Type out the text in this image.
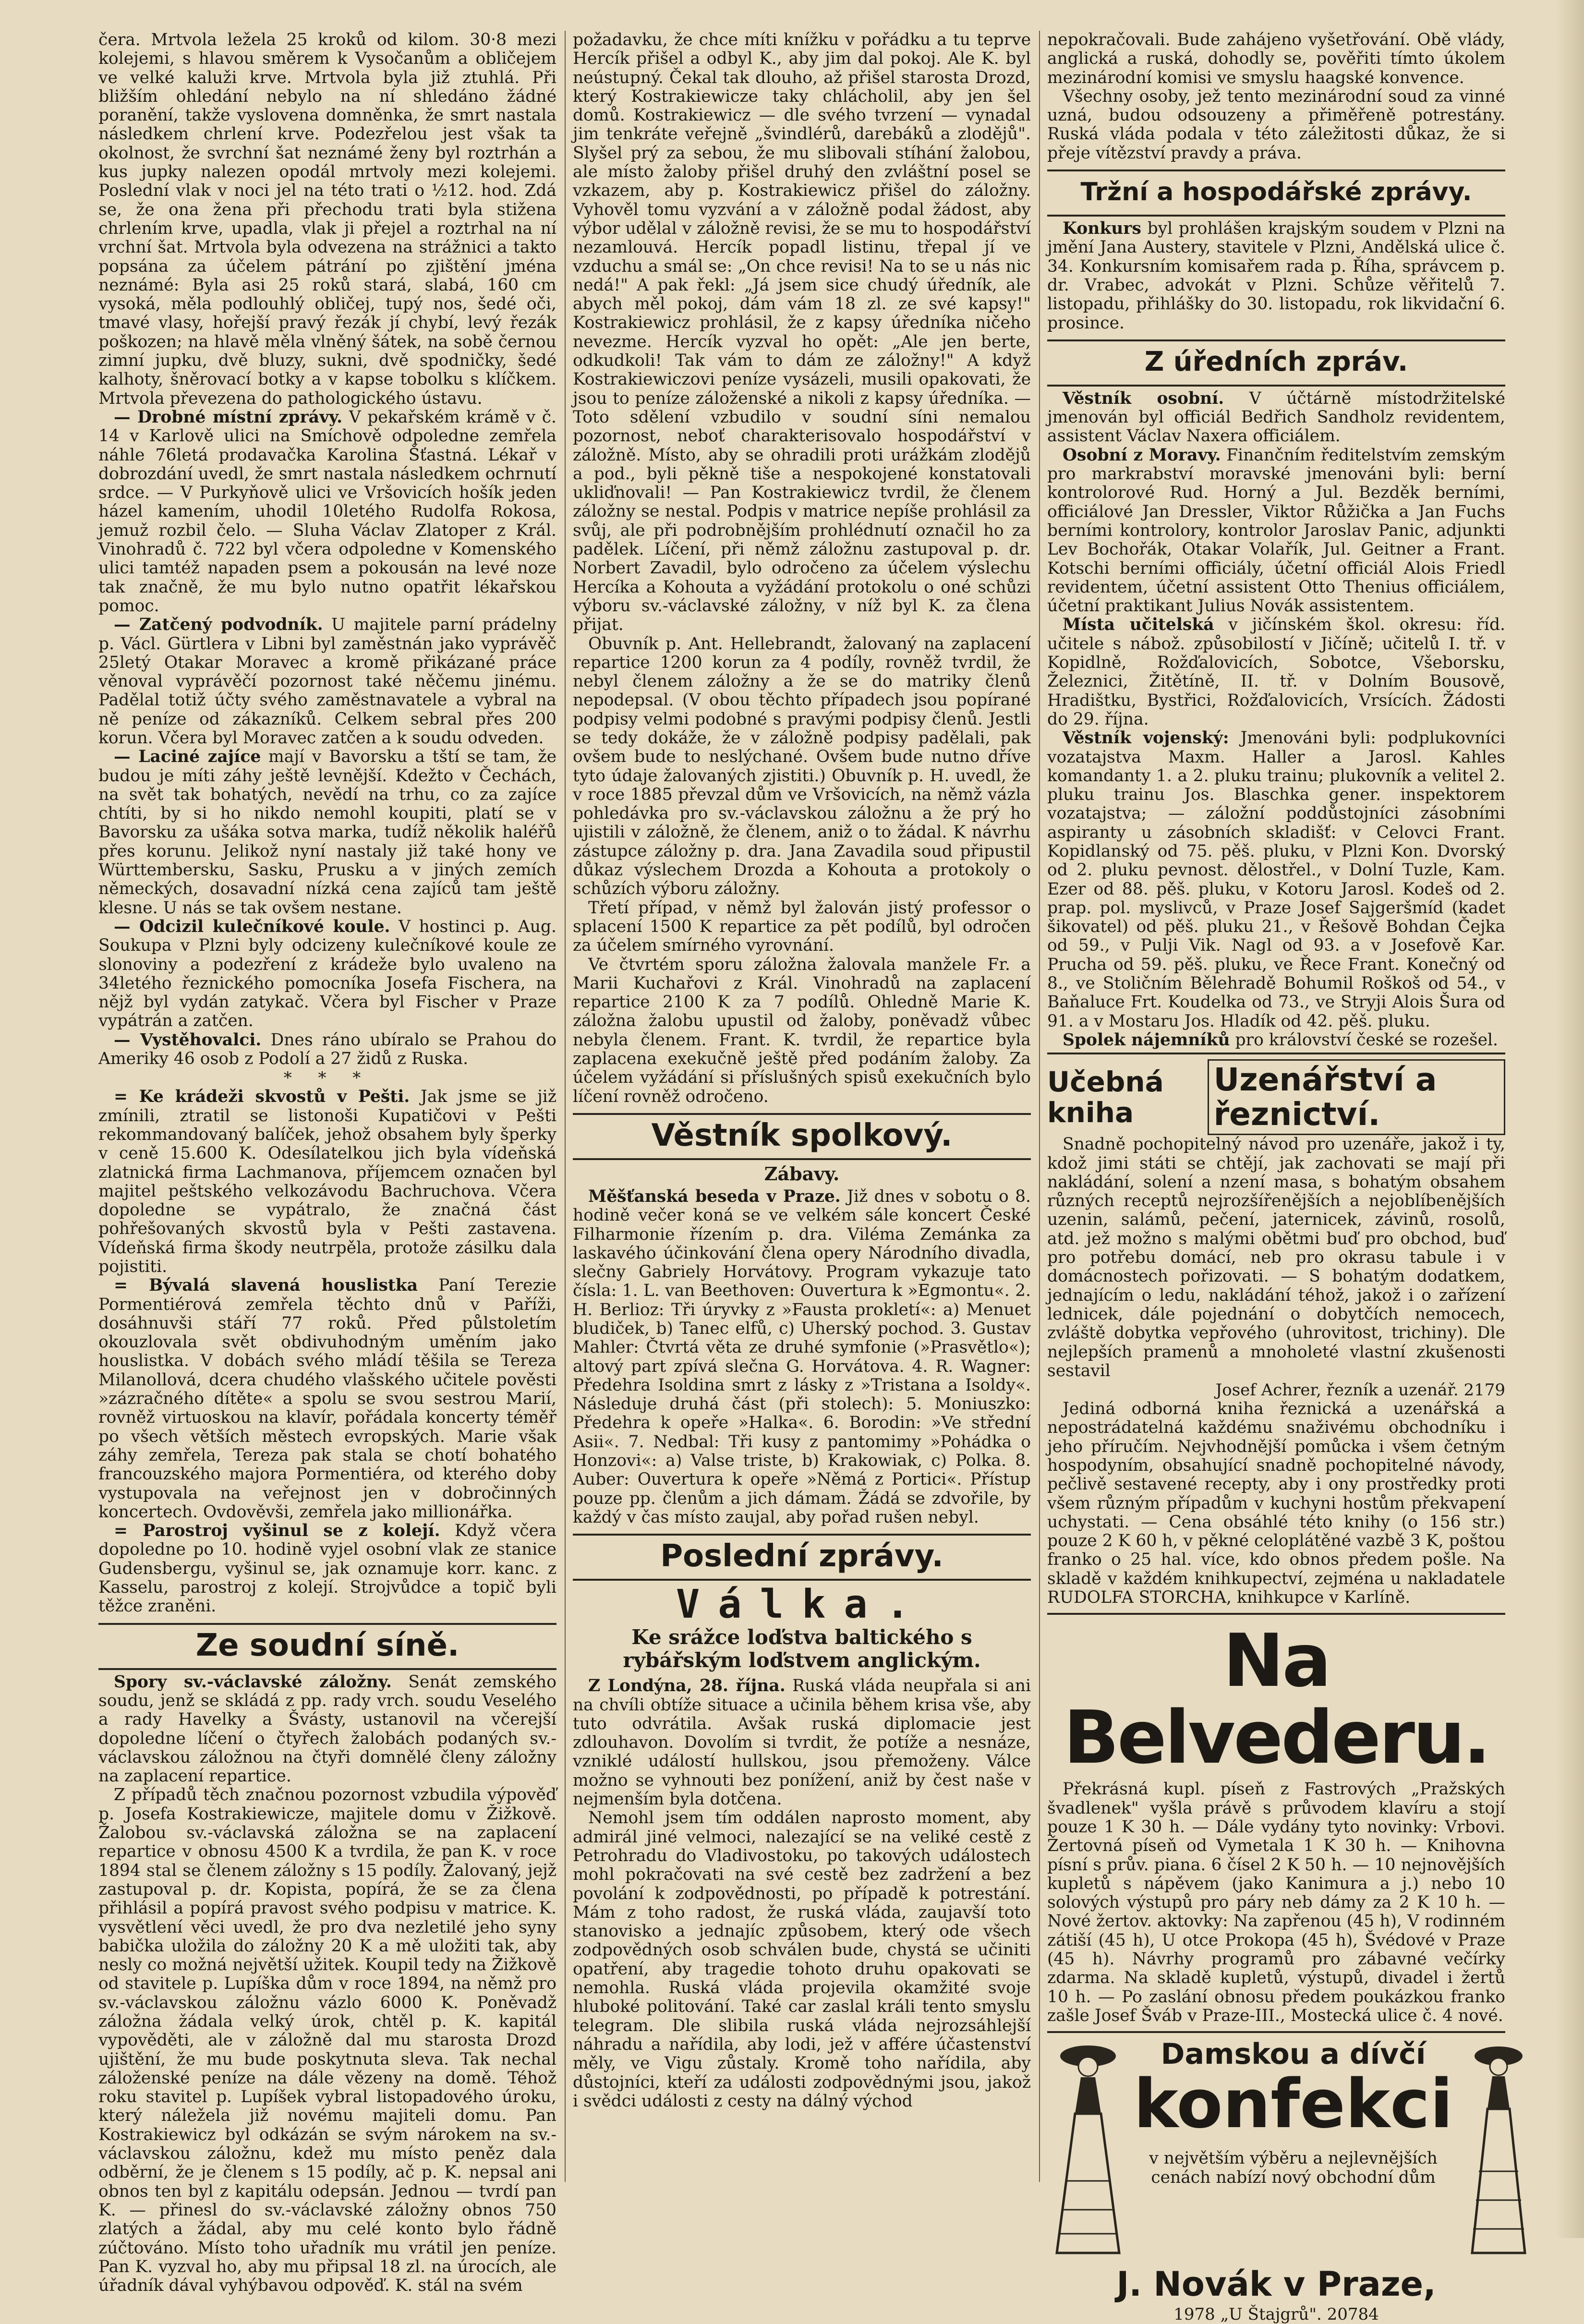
čera. Mrtvola ležela 25 kroků od kilom. 30·8 mezi kolejemi, s hlavou směrem k Vysočanům a obličejem ve velké kaluži krve. Mrtvola byla již ztuhlá. Při bližším ohledání nebylo na ní shledáno žádné poranění, takže vyslovena domněnka, že smrt nastala následkem chrlení krve. Podezřelou jest však ta okolnost, že svrchní šat neznámé ženy byl roztrhán a kus jupky nalezen opodál mrtvoly mezi kolejemi. Poslední vlak v noci jel na této trati o ½12. hod. Zdá se, že ona žena při přechodu trati byla stižena chrlením krve, upadla, vlak ji přejel a roztrhal na ní vrchní šat. Mrtvola byla odvezena na strážnici a takto popsána za účelem pátrání po zjištění jména neznámé: Byla asi 25 roků stará, slabá, 160 cm vysoká, měla podlouhlý obličej, tupý nos, šedé oči, tmavé vlasy, hořejší pravý řezák jí chybí, levý řezák poškozen; na hlavě měla vlněný šátek, na sobě černou zimní jupku, dvě bluzy, sukni, dvě spodničky, šedé kalhoty, šněrovací botky a v kapse tobolku s klíčkem. Mrtvola převezena do pathologického ústavu.

— Drobné místní zprávy. V pekařském krámě v č. 14 v Karlově ulici na Smíchově odpoledne zemřela náhle 76letá prodavačka Karolina Šťastná. Lékař v dobrozdání uvedl, že smrt nastala následkem ochrnutí srdce. — V Purkyňově ulici ve Vršovicích hošík jeden házel kamením, uhodil 10letého Rudolfa Rokosa, jemuž rozbil čelo. — Sluha Václav Zlatoper z Král. Vinohradů č. 722 byl včera odpoledne v Komenského ulici tamtéž napaden psem a pokousán na levé noze tak značně, že mu bylo nutno opatřit lékařskou pomoc.

— Zatčený podvodník. U majitele parní prádelny p. Václ. Gürtlera v Libni byl zaměstnán jako vyprávěč 25letý Otakar Moravec a kromě přikázané práce věnoval vyprávěčí pozornost také něčemu jinému. Padělal totiž účty svého zaměstnavatele a vybral na ně peníze od zákazníků. Celkem sebral přes 200 korun. Včera byl Moravec zatčen a k soudu odveden.

— Laciné zajíce mají v Bavorsku a tští se tam, že budou je míti záhy ještě levnější. Kdežto v Čechách, na svět tak bohatých, nevědí na trhu, co za zajíce chtíti, by si ho nikdo nemohl koupiti, platí se v Bavorsku za ušáka sotva marka, tudíž několik haléřů přes korunu. Jelikož nyní nastaly již také hony ve Württembersku, Sasku, Prusku a v jiných zemích německých, dosavadní nízká cena zajíců tam ještě klesne. U nás se tak ovšem nestane.

— Odcizil kulečníkové koule. V hostinci p. Aug. Soukupa v Plzni byly odcizeny kulečníkové koule ze slonoviny a podezření z krádeže bylo uvaleno na 34letého řeznického pomocníka Josefa Fischera, na nějž byl vydán zatykač. Včera byl Fischer v Praze vypátrán a zatčen.

— Vystěhovalci. Dnes ráno ubíralo se Prahou do Ameriky 46 osob z Podolí a 27 židů z Ruska.

* * *

= Ke krádeži skvostů v Pešti. Jak jsme se již zmínili, ztratil se listonoši Kupatičovi v Pešti rekommandovaný balíček, jehož obsahem byly šperky v ceně 15.600 K. Odesílatelkou jich byla vídeňská zlatnická firma Lachmanova, příjemcem označen byl majitel peštského velkozávodu Bachruchova. Včera dopoledne se vypátralo, že značná část pohřešovaných skvostů byla v Pešti zastavena. Vídeňská firma škody neutrpěla, protože zásilku dala pojistiti.

= Bývalá slavená houslistka Paní Terezie Pormentiérová zemřela těchto dnů v Paříži, dosáhnuvši stáří 77 roků. Před půlstoletím okouzlovala svět obdivuhodným uměním jako houslistka. V dobách svého mládí těšila se Tereza Milanollová, dcera chudého vlašského učitele pověsti »zázračného dítěte« a spolu se svou sestrou Marií, rovněž virtuoskou na klavír, pořádala koncerty téměř po všech větších městech evropských. Marie však záhy zemřela, Tereza pak stala se chotí bohatého francouzského majora Pormentiéra, od kterého doby vystupovala na veřejnost jen v dobročinných koncertech. Ovdověvši, zemřela jako millionářka.

= Parostroj vyšinul se z kolejí. Když včera dopoledne po 10. hodině vyjel osobní vlak ze stanice Gudensbergu, vyšinul se, jak oznamuje korr. kanc. z Kasselu, parostroj z kolejí. Strojvůdce a topič byli těžce zraněni.

Ze soudní síně.

Spory sv.-václavské záložny. Senát zemského soudu, jenž se skládá z pp. rady vrch. soudu Veselého a rady Havelky a Švásty, ustanovil na včerejší dopoledne líčení o čtyřech žalobách podaných sv.-václavskou záložnou na čtyři domnělé členy záložny na zaplacení repartice.

Z případů těch značnou pozornost vzbudila výpověď p. Josefa Kostrakiewicze, majitele domu v Žižkově. Žalobou sv.-václavská záložna se na zaplacení repartice v obnosu 4500 K a tvrdila, že pan K. v roce 1894 stal se členem záložny s 15 podíly. Žalovaný, jejž zastupoval p. dr. Kopista, popírá, že se za člena přihlásil a popírá pravost svého podpisu v matrice. K. vysvětlení věci uvedl, že pro dva nezletilé jeho syny babička uložila do záložny 20 K a mě uložiti tak, aby nesly co možná největší užitek. Koupil tedy na Žižkově od stavitele p. Lupíška dům v roce 1894, na němž pro sv.-václavskou záložnu vázlo 6000 K. Poněvadž záložna žádala velký úrok, chtěl p. K. kapitál vypověděti, ale v záložně dal mu starosta Drozd ujištění, že mu bude poskytnuta sleva. Tak nechal záloženské peníze na dále vězeny na domě. Téhož roku stavitel p. Lupíšek vybral listopadového úroku, který náležela již novému majiteli domu. Pan Kostrakiewicz byl odkázán se svým nárokem na sv.-václavskou záložnu, kdež mu místo peněz dala odběrní, že je členem s 15 podíly, ač p. K. nepsal ani obnos ten byl z kapitálu odepsán. Jednou — tvrdí pan K. — přinesl do sv.-václavské záložny obnos 750 zlatých a žádal, aby mu celé konto bylo řádně zúčtováno. Místo toho uřadník mu vrátil jen peníze. Pan K. vyzval ho, aby mu připsal 18 zl. na úrocích, ale úřadník dával vyhýbavou odpověď. K. stál na svém

požadavku, že chce míti knížku v pořádku a tu teprve Hercík přišel a odbyl K., aby jim dal pokoj. Ale K. byl neústupný. Čekal tak dlouho, až přišel starosta Drozd, který Kostrakiewicze taky chlácholil, aby jen šel domů. Kostrakiewicz — dle svého tvrzení — vynadal jim tenkráte veřejně „švindlérů, darebáků a zlodějů". Slyšel prý za sebou, že mu slibovali stíhání žalobou, ale místo žaloby přišel druhý den zvláštní posel se vzkazem, aby p. Kostrakiewicz přišel do záložny. Vyhověl tomu vyzvání a v záložně podal žádost, aby výbor udělal v záložně revisi, že se mu to hospodářství nezamlouvá. Hercík popadl listinu, třepal jí ve vzduchu a smál se: „On chce revisi! Na to se u nás nic nedá!" A pak řekl: „Já jsem sice chudý úředník, ale abych měl pokoj, dám vám 18 zl. ze své kapsy!" Kostrakiewicz prohlásil, že z kapsy úředníka ničeho nevezme. Hercík vyzval ho opět: „Ale jen berte, odkudkoli! Tak vám to dám ze záložny!" A když Kostrakiewiczovi peníze vysázeli, musili opakovati, že jsou to peníze záloženské a nikoli z kapsy úředníka. — Toto sdělení vzbudilo v soudní síni nemalou pozornost, neboť charakterisovalo hospodářství v záložně. Místo, aby se ohradili proti urážkám zlodějů a pod., byli pěkně tiše a nespokojené konstatovali ukliďnovali! — Pan Kostrakiewicz tvrdil, že členem záložny se nestal. Podpis v matrice nepíše prohlásil za svůj, ale při podrobnějším prohlédnutí označil ho za padělek. Líčení, při němž záložnu zastupoval p. dr. Norbert Zavadil, bylo odročeno za účelem výslechu Hercíka a Kohouta a vyžádání protokolu o oné schůzi výboru sv.-václavské záložny, v níž byl K. za člena přijat.

Obuvník p. Ant. Hellebrandt, žalovaný na zaplacení repartice 1200 korun za 4 podíly, rovněž tvrdil, že nebyl členem záložny a že se do matriky členů nepodepsal. (V obou těchto případech jsou popírané podpisy velmi podobné s pravými podpisy členů. Jestli se tedy dokáže, že v záložně podpisy padělali, pak ovšem bude to neslýchané. Ovšem bude nutno dříve tyto údaje žalovaných zjistiti.) Obuvník p. H. uvedl, že v roce 1885 převzal dům ve Vršovicích, na němž vázla pohledávka pro sv.-václavskou záložnu a že prý ho ujistili v záložně, že členem, aniž o to žádal. K návrhu zástupce záložny p. dra. Jana Zavadila soud připustil důkaz výslechem Drozda a Kohouta a protokoly o schůzích výboru záložny.

Třetí případ, v němž byl žalován jistý professor o splacení 1500 K repartice za pět podílů, byl odročen za účelem smírného vyrovnání.

Ve čtvrtém sporu záložna žalovala manžele Fr. a Marii Kuchařovi z Král. Vinohradů na zaplacení repartice 2100 K za 7 podílů. Ohledně Marie K. záložna žalobu upustil od žaloby, poněvadž vůbec nebyla členem. Frant. K. tvrdil, že repartice byla zaplacena exekučně ještě před podáním žaloby. Za účelem vyžádání si příslušných spisů exekučních bylo líčení rovněž odročeno.

Věstník spolkový.
Zábavy.

Měšťanská beseda v Praze. Již dnes v sobotu o 8. hodině večer koná se ve velkém sále koncert České Filharmonie řízením p. dra. Viléma Zemánka za laskavého účinkování člena opery Národního divadla, slečny Gabriely Horvátovy. Program vykazuje tato čísla: 1. L. van Beethoven: Ouvertura k »Egmontu«. 2. H. Berlioz: Tři úryvky z »Fausta prokletí«: a) Menuet bludiček, b) Tanec elfů, c) Uherský pochod. 3. Gustav Mahler: Čtvrtá věta ze druhé symfonie (»Prasvětlo«); altový part zpívá slečna G. Horvátova. 4. R. Wagner: Předehra Isoldina smrt z lásky z »Tristana a Isoldy«. Následuje druhá část (při stolech): 5. Moniuszko: Předehra k opeře »Halka«. 6. Borodin: »Ve střední Asii«. 7. Nedbal: Tři kusy z pantomimy »Pohádka o Honzovi«: a) Valse triste, b) Krakowiak, c) Polka. 8. Auber: Ouvertura k opeře »Němá z Portici«. Přístup pouze pp. členům a jich dámam. Žádá se zdvořile, by každý v čas místo zaujal, aby pořad rušen nebyl.

Poslední zprávy.
Válka.
Ke srážce loďstva baltického s rybářským loďstvem anglickým.

Z Londýna, 28. října. Ruská vláda neupřala si ani na chvíli obtíže situace a učinila během krisa vše, aby tuto odvrátila. Avšak ruská diplomacie jest zdlouhavon. Dovolím si tvrdit, že potíže a nesnáze, vzniklé událostí hullskou, jsou přemoženy. Válce možno se vyhnouti bez ponížení, aniž by čest naše v nejmenším byla dotčena.

Nemohl jsem tím oddálen naprosto moment, aby admirál jiné velmoci, nalezající se na veliké cestě z Petrohradu do Vladivostoku, po takových událostech mohl pokračovati na své cestě bez zadržení a bez povolání k zodpovědnosti, po případě k potrestání. Mám z toho radost, že ruská vláda, zaujavší toto stanovisko a jednajíc způsobem, který ode všech zodpovědných osob schválen bude, chystá se učiniti opatření, aby tragedie tohoto druhu opakovati se nemohla. Ruská vláda projevila okamžité svoje hluboké politování. Také car zaslal králi tento smyslu telegram. Dle slibila ruská vláda nejrozsáhlejší náhradu a nařídila, aby lodi, jež v affére účastenství měly, ve Vigu zůstaly. Kromě toho nařídila, aby důstojníci, kteří za události zodpovědnými jsou, jakož i svědci události z cesty na dálný východ

nepokračovali. Bude zahájeno vyšetřování. Obě vlády, anglická a ruská, dohodly se, pověřiti tímto úkolem mezinárodní komisi ve smyslu haagské konvence.

Všechny osoby, jež tento mezinárodní soud za vinné uzná, budou odsouzeny a přiměřeně potrestány. Ruská vláda podala v této záležitosti důkaz, že si přeje vítězství pravdy a práva.

Tržní a hospodářské zprávy.

Konkurs byl prohlášen krajským soudem v Plzni na jmění Jana Austery, stavitele v Plzni, Andělská ulice č. 34. Konkursním komisařem rada p. Říha, správcem p. dr. Vrabec, advokát v Plzni. Schůze věřitelů 7. listopadu, přihlášky do 30. listopadu, rok likvidační 6. prosince.

Z úředních zpráv.

Věstník osobní. V účtárně místodržitelské jmenován byl officiál Bedřich Sandholz revidentem, assistent Václav Naxera officiálem.

Osobní z Moravy. Finančním ředitelstvím zemským pro markrabství moravské jmenováni byli: berní kontrolorové Rud. Horný a Jul. Bezděk berními, officiálové Jan Dressler, Viktor Růžička a Jan Fuchs berními kontrolory, kontrolor Jaroslav Panic, adjunkti Lev Bochořák, Otakar Volařík, Jul. Geitner a Frant. Kotschi berními officiály, účetní officiál Alois Friedl revidentem, účetní assistent Otto Thenius officiálem, účetní praktikant Julius Novák assistentem.

Místa učitelská v jičínském škol. okresu: říd. učitele s nábož. způsobilostí v Jičíně; učitelů I. tř. v Kopidlně, Rožďalovicích, Sobotce, Všeborsku, Železnici, Žitětíně, II. tř. v Dolním Bousově, Hradištku, Bystřici, Rožďalovicích, Vrsících. Žádosti do 29. října.

Věstník vojenský: Jmenováni byli: podplukovníci vozatajstva Maxm. Haller a Jarosl. Kahles komandanty 1. a 2. pluku trainu; plukovník a velitel 2. pluku trainu Jos. Blaschka gener. inspektorem vozatajstva; — záložní poddůstojníci zásobními aspiranty u zásobních skladišť: v Celovci Frant. Kopidlanský od 75. pěš. pluku, v Plzni Kon. Dvorský od 2. pluku pevnost. dělostřel., v Dolní Tuzle, Kam. Ezer od 88. pěš. pluku, v Kotoru Jarosl. Kodeš od 2. prap. pol. myslivců, v Praze Josef Sajgeršmíd (kadet šikovatel) od pěš. pluku 21., v Řešově Bohdan Čejka od 59., v Pulji Vik. Nagl od 93. a v Josefově Kar. Prucha od 59. pěš. pluku, ve Řece Frant. Konečný od 8., ve Stoličním Bělehradě Bohumil Roškoš od 54., v Baňaluce Frt. Koudelka od 73., ve Stryji Alois Šura od 91. a v Mostaru Jos. Hladík od 42. pěš. pluku.

Spolek nájemníků pro království české se rozešel.

Učebná kniha
Uzenářství a řeznictví.

Snadně pochopitelný návod pro uzenáře, jakož i ty, kdož jimi státi se chtějí, jak zachovati se mají při nakládání, solení a nzení masa, s bohatým obsahem různých receptů nejrozšířenějších a nejoblíbenějších uzenin, salámů, pečení, jaternicek, závinů, rosolů, atd. jež možno s malými obětmi buď pro obchod, buď pro potřebu domácí, neb pro okrasu tabule i v domácnostech pořizovati. — S bohatým dodatkem, jednajícím o ledu, nakládání téhož, jakož i o zařízení lednicek, dále pojednání o dobytčích nemocech, zvláště dobytka vepřového (uhrovitost, trichiny). Dle nejlepších pramenů a mnoholeté vlastní zkušenosti sestavil

Josef Achrer, řezník a uzenář. 2179

Jediná odborná kniha řeznická a uzenářská a nepostrádatelná každému snaživému obchodníku i jeho příručím. Nejvhodnější pomůcka i všem četným hospodyním, obsahující snadně pochopitelné návody, pečlivě sestavené recepty, aby i ony prostředky proti všem různým případům v kuchyni hostům překvapení uchystati. — Cena obsáhlé této knihy (o 156 str.) pouze 2 K 60 h, v pěkné celoplátěné vazbě 3 K, poštou franko o 25 hal. více, kdo obnos předem pošle. Na skladě v každém knihkupectví, zejména u nakladatele RUDOLFA STORCHA, knihkupce v Karlíně.

Na Belvederu.

Překrásná kupl. píseň z Fastrových „Pražských švadlenek" vyšla právě s průvodem klavíru a stojí pouze 1 K 30 h. — Dále vydány tyto novinky: Vrbovi. Žertovná píseň od Vymetala 1 K 30 h. — Knihovna písní s prův. piana. 6 čísel 2 K 50 h. — 10 nejnovějších kupletů s nápěvem (jako Kanimura a j.) nebo 10 solových výstupů pro páry neb dámy za 2 K 10 h. — Nové žertov. aktovky: Na zapřenou (45 h), V rodinném zátiší (45 h), U otce Prokopa (45 h), Švédové v Praze (45 h). Návrhy programů pro zábavné večírky zdarma. Na skladě kupletů, výstupů, divadel i žertů 10 h. — Po zaslání obnosu předem poukázkou franko zašle Josef Šváb v Praze-III., Mostecká ulice č. 4 nové.

Damskou a dívčí
konfekci

v největším výběru a nejlevnějších cenách nabízí nový obchodní dům

J. Novák v Praze,

1978 „U Štajgrů". 20784
